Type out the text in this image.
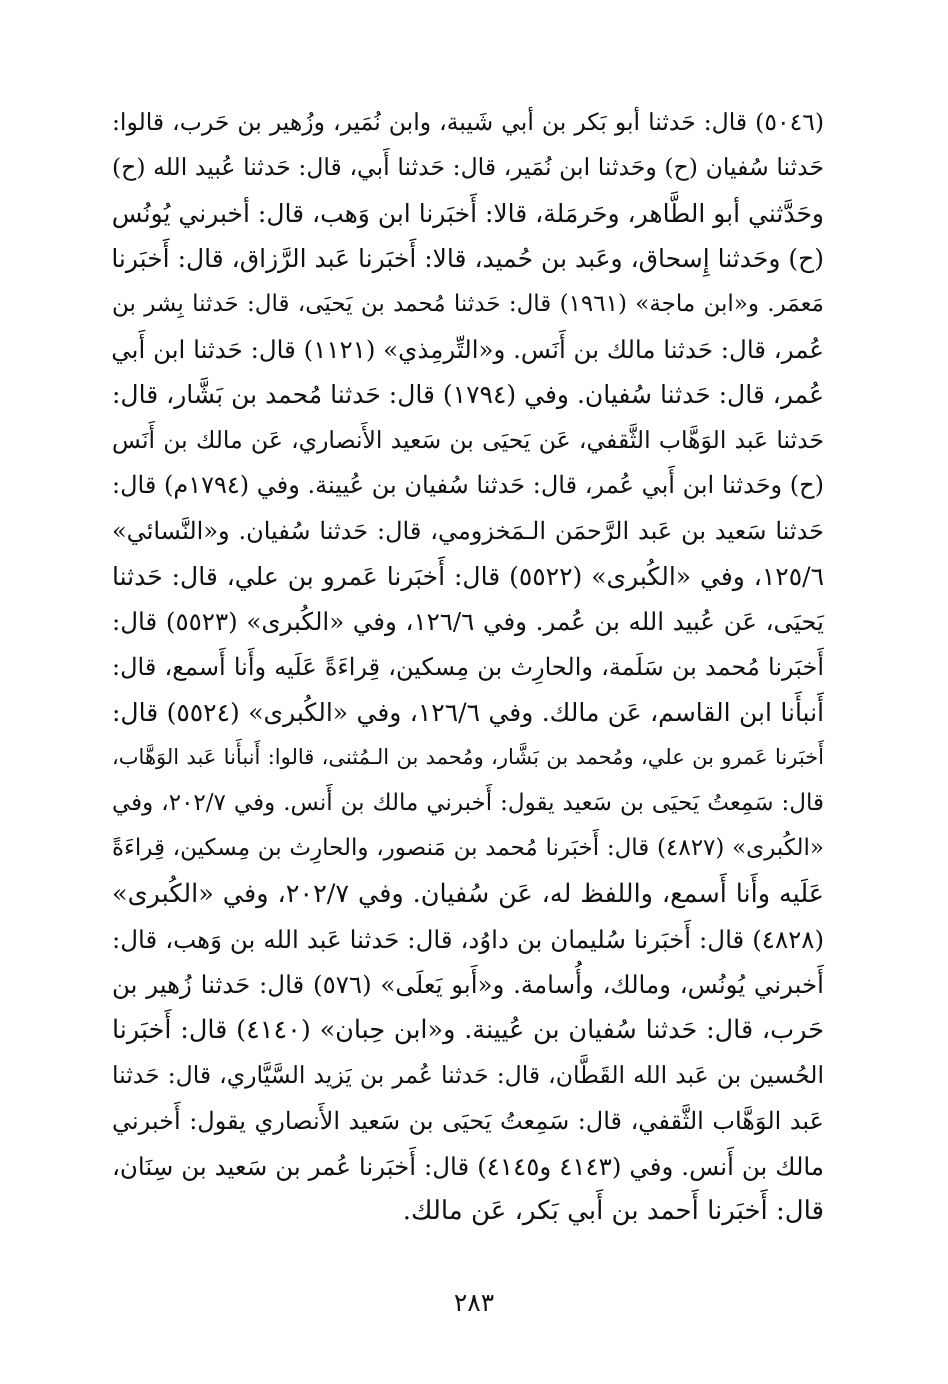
(٥٠٤٦) قال: حَدثنا أبو بَكر بن أبي شَيبة، وابن نُمَير، وزُهير بن حَرب، قالوا:
حَدثنا سُفيان (ح) وحَدثنا ابن نُمَير، قال: حَدثنا أَبي، قال: حَدثنا عُبيد الله (ح)
وحَدَّثني أبو الطَّاهر، وحَرمَلة، قالا: أَخبَرنا ابن وَهب، قال: أخبرني يُونُس
(ح) وحَدثنا إِسحاق، وعَبد بن حُميد، قالا: أَخبَرنا عَبد الرَّزاق، قال: أَخبَرنا
مَعمَر. و«ابن ماجة» (١٩٦١) قال: حَدثنا مُحمد بن يَحيَى، قال: حَدثنا بِشر بن
عُمر، قال: حَدثنا مالك بن أَنَس. و«التِّرمِذي» (١١٢١) قال: حَدثنا ابن أَبي
عُمر، قال: حَدثنا سُفيان. وفي (١٧٩٤) قال: حَدثنا مُحمد بن بَشَّار، قال:
حَدثنا عَبد الوَهَّاب الثَّقفي، عَن يَحيَى بن سَعيد الأَنصاري، عَن مالك بن أَنَس
(ح) وحَدثنا ابن أَبي عُمر، قال: حَدثنا سُفيان بن عُيينة. وفي (١٧٩٤م) قال:
حَدثنا سَعيد بن عَبد الرَّحمَن الـمَخزومي، قال: حَدثنا سُفيان. و«النَّسائي»
١٢٥/٦، وفي «الكُبرى» (٥٥٢٢) قال: أَخبَرنا عَمرو بن علي، قال: حَدثنا
يَحيَى، عَن عُبيد الله بن عُمر. وفي ١٢٦/٦، وفي «الكُبرى» (٥٥٢٣) قال:
أَخبَرنا مُحمد بن سَلَمة، والحارِث بن مِسكين، قِراءَةً عَلَيه وأَنا أَسمع، قال:
أَنبأَنا ابن القاسم، عَن مالك. وفي ١٢٦/٦، وفي «الكُبرى» (٥٥٢٤) قال:
أَخبَرنا عَمرو بن علي، ومُحمد بن بَشَّار، ومُحمد بن الـمُثنى، قالوا: أَنبأَنا عَبد الوَهَّاب،
قال: سَمِعتُ يَحيَى بن سَعيد يقول: أَخبرني مالك بن أَنس. وفي ٢٠٢/٧، وفي
«الكُبرى» (٤٨٢٧) قال: أَخبَرنا مُحمد بن مَنصور، والحارِث بن مِسكين، قِراءَةً
عَلَيه وأَنا أَسمع، واللفظ له، عَن سُفيان. وفي ٢٠٢/٧، وفي «الكُبرى»
(٤٨٢٨) قال: أَخبَرنا سُليمان بن داوُد، قال: حَدثنا عَبد الله بن وَهب، قال:
أَخبرني يُونُس، ومالك، وأُسامة. و«أَبو يَعلَى» (٥٧٦) قال: حَدثنا زُهير بن
حَرب، قال: حَدثنا سُفيان بن عُيينة. و«ابن حِبان» (٤١٤٠) قال: أَخبَرنا
الحُسين بن عَبد الله القَطَّان، قال: حَدثنا عُمر بن يَزيد السَّيَّاري، قال: حَدثنا
عَبد الوَهَّاب الثَّقفي، قال: سَمِعتُ يَحيَى بن سَعيد الأَنصاري يقول: أَخبرني
مالك بن أَنس. وفي (٤١٤٣ و٤١٤٥) قال: أَخبَرنا عُمر بن سَعيد بن سِنَان،
قال: أَخبَرنا أَحمد بن أَبي بَكر، عَن مالك.
٢٨٣
